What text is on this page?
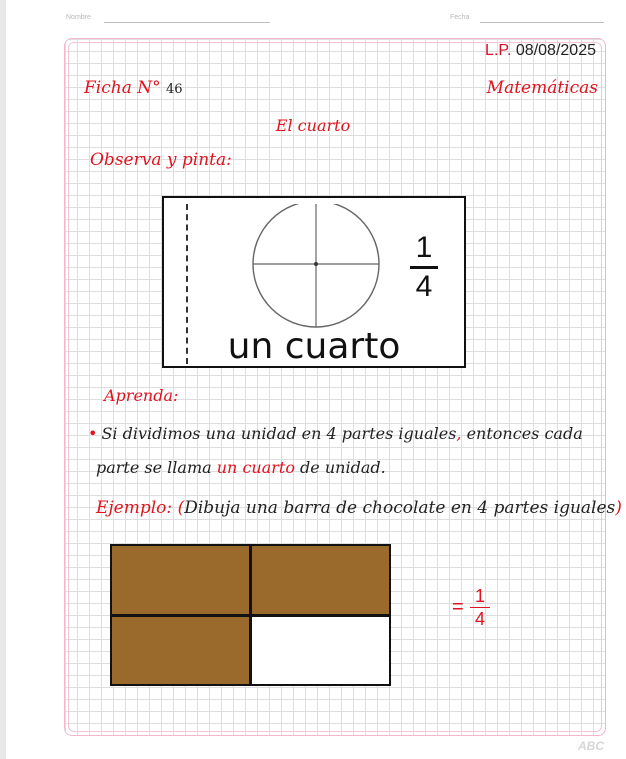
Nombre	Fecha
L.P. 08/08/2025
Ficha N° 46	Matemáticas
El cuarto
Observa y pinta:
1
4
un cuarto
Aprenda:
• Si dividimos una unidad en 4 partes iguales, entonces cada
parte se llama un cuarto de unidad.
Ejemplo: (Dibuja una barra de chocolate en 4 partes iguales)
= 1
4
ABC
